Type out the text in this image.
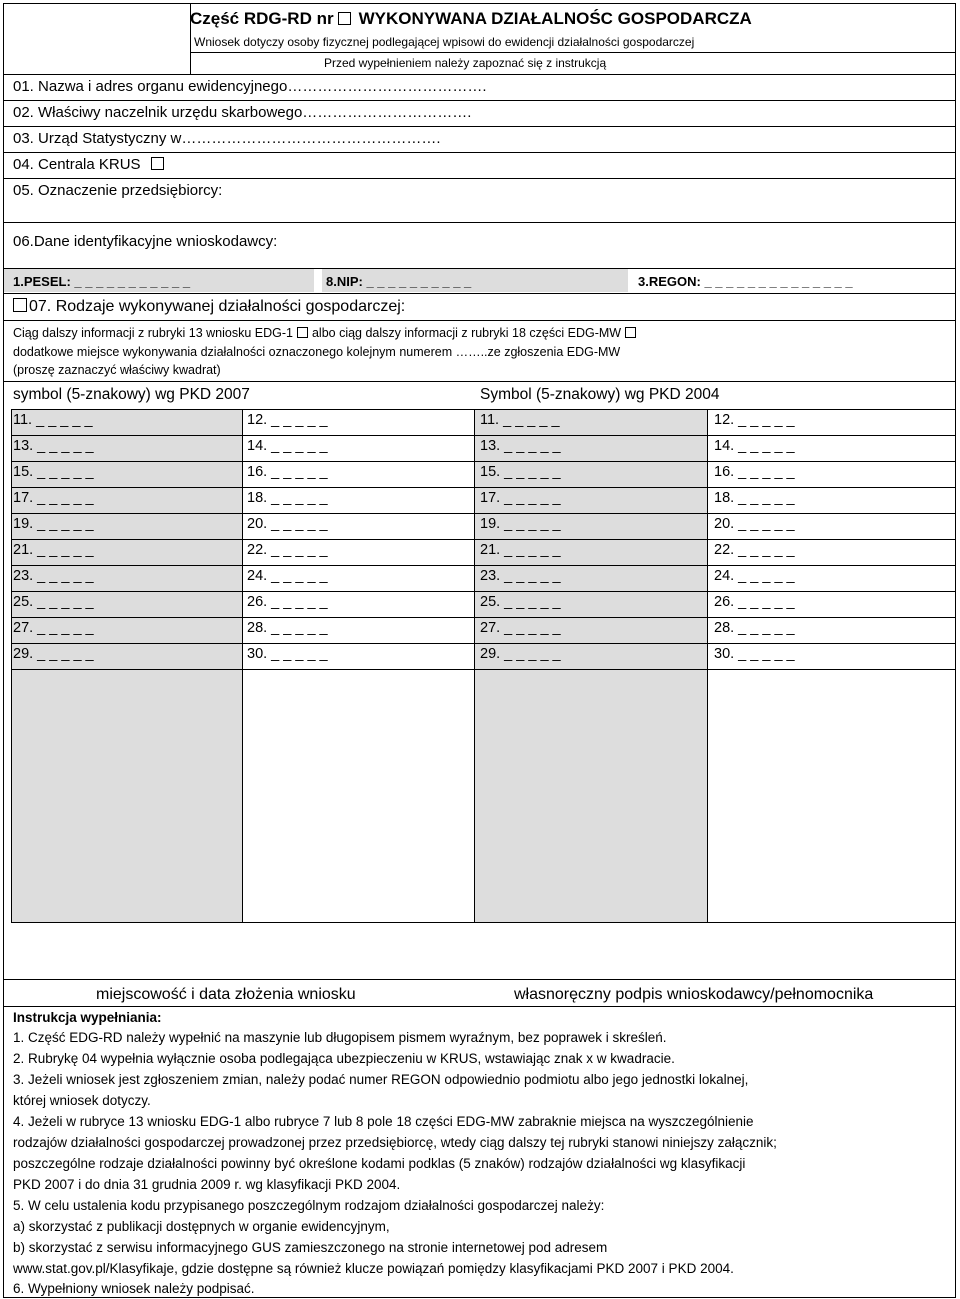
Część RDG-RD nr WYKONYWANA DZIAŁALNOŚC GOSPODARCZA
Wniosek dotyczy osoby fizycznej podlegającej wpisowi do ewidencji działalności gospodarczej
Przed wypełnieniem należy zapoznać się z instrukcją
01. Nazwa i adres organu ewidencyjnego………………………………….
02. Właściwy naczelnik urzędu skarbowego…………………………….
03. Urząd Statystyczny w…………………………………………….
04. Centrala KRUS
05. Oznaczenie przedsiębiorcy:
06.Dane identyfikacyjne wnioskodawcy:
1.PESEL: _ _ _ _ _ _ _ _ _ _ _	8.NIP: _ _ _ _ _ _ _ _ _ _	3.REGON: _ _ _ _ _ _ _ _ _ _ _ _ _ _
07. Rodzaje wykonywanej działalności gospodarczej:
Ciąg dalszy informacji z rubryki 13 wniosku EDG-1 albo ciąg dalszy informacji z rubryki 18 części EDG-MW
dodatkowe miejsce wykonywania działalności oznaczonego kolejnym numerem ……..ze zgłoszenia EDG-MW
(proszę zaznaczyć właściwy kwadrat)
symbol (5-znakowy) wg PKD 2007	Symbol (5-znakowy) wg PKD 2004
11. _ _ _ _ _	12. _ _ _ _ _	11. _ _ _ _ _	12. _ _ _ _ _
13. _ _ _ _ _	14. _ _ _ _ _	13. _ _ _ _ _	14. _ _ _ _ _
15. _ _ _ _ _	16. _ _ _ _ _	15. _ _ _ _ _	16. _ _ _ _ _
17. _ _ _ _ _	18. _ _ _ _ _	17. _ _ _ _ _	18. _ _ _ _ _
19. _ _ _ _ _	20. _ _ _ _ _	19. _ _ _ _ _	20. _ _ _ _ _
21. _ _ _ _ _	22. _ _ _ _ _	21. _ _ _ _ _	22. _ _ _ _ _
23. _ _ _ _ _	24. _ _ _ _ _	23. _ _ _ _ _	24. _ _ _ _ _
25. _ _ _ _ _	26. _ _ _ _ _	25. _ _ _ _ _	26. _ _ _ _ _
27. _ _ _ _ _	28. _ _ _ _ _	27. _ _ _ _ _	28. _ _ _ _ _
29. _ _ _ _ _	30. _ _ _ _ _	29. _ _ _ _ _	30. _ _ _ _ _
miejscowość i data złożenia wniosku	własnoręczny podpis wnioskodawcy/pełnomocnika
Instrukcja wypełniania:
1. Część EDG-RD należy wypełnić na maszynie lub długopisem pismem wyraźnym, bez poprawek i skreśleń.
2. Rubrykę 04 wypełnia wyłącznie osoba podlegająca ubezpieczeniu w KRUS, wstawiając znak x w kwadracie.
3. Jeżeli wniosek jest zgłoszeniem zmian, należy podać numer REGON odpowiednio podmiotu albo jego jednostki lokalnej,
której wniosek dotyczy.
4. Jeżeli w rubryce 13 wniosku EDG-1 albo rubryce 7 lub 8 pole 18 części EDG-MW zabraknie miejsca na wyszczególnienie
rodzajów działalności gospodarczej prowadzonej przez przedsiębiorcę, wtedy ciąg dalszy tej rubryki stanowi niniejszy załącznik;
poszczególne rodzaje działalności powinny być określone kodami podklas (5 znaków) rodzajów działalności wg klasyfikacji
PKD 2007 i do dnia 31 grudnia 2009 r. wg klasyfikacji PKD 2004.
5. W celu ustalenia kodu przypisanego poszczególnym rodzajom działalności gospodarczej należy:
a) skorzystać z publikacji dostępnych w organie ewidencyjnym,
b) skorzystać z serwisu informacyjnego GUS zamieszczonego na stronie internetowej pod adresem
www.stat.gov.pl/Klasyfikaje, gdzie dostępne są również klucze powiązań pomiędzy klasyfikacjami PKD 2007 i PKD 2004.
6. Wypełniony wniosek należy podpisać.
